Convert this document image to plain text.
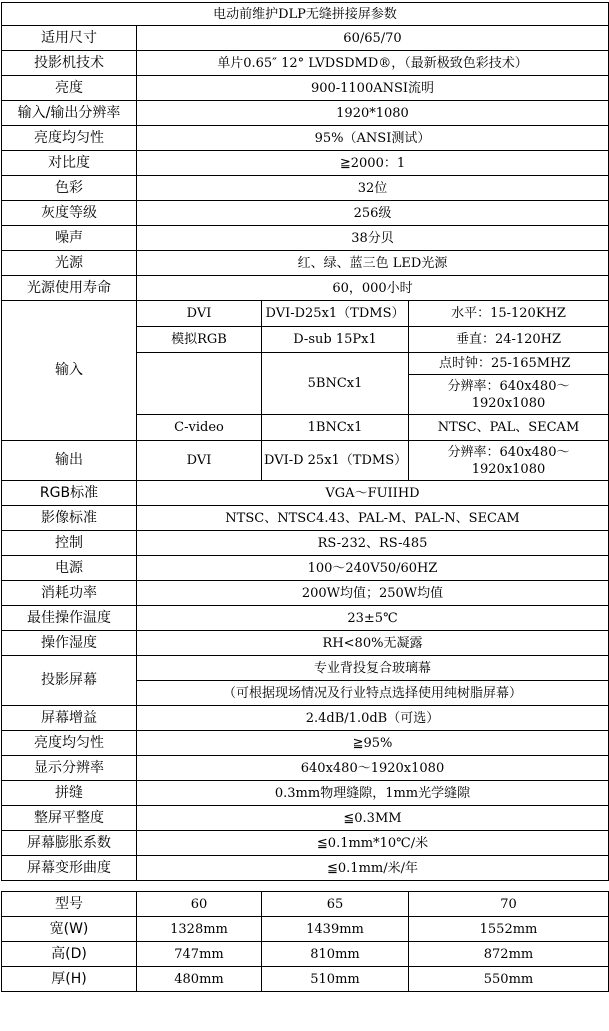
电动前维护DLP无缝拼接屏参数			
适用尺寸	60/65/70		
投影机技术	单片0.65″ 12° LVDSDMD®，（最新极致色彩技术）		
亮度	900-1100ANSI流明		
输入/输出分辨率	1920*1080		
亮度均匀性	95%（ANSI测试）		
对比度	≧2000：1		
色彩	32位		
灰度等级	256级		
噪声	38分贝		
光源	红、绿、蓝三色 LED光源		
光源使用寿命	60，000小时		
输入	DVI	DVI-D25x1（TDMS）	水平：15-120KHZ
	模拟RGB	D-sub 15Px1	垂直：24-120HZ
		5BNCx1	点时钟：25-165MHZ
			分辨率：640x480～1920x1080
	C-video	1BNCx1	NTSC、PAL、SECAM
输出	DVI	DVI-D 25x1（TDMS）	分辨率：640x480～1920x1080
RGB标准	VGA～FUIIHD		
影像标准	NTSC、NTSC4.43、PAL-M、PAL-N、SECAM		
控制	RS-232、RS-485		
电源	100～240V50/60HZ		
消耗功率	200W均值；250W均值		
最佳操作温度	23±5℃		
操作湿度	RH<80%无凝露		
投影屏幕	专业背投复合玻璃幕		
	（可根据现场情况及行业特点选择使用纯树脂屏幕）		
屏幕增益	2.4dB/1.0dB（可选）		
亮度均匀性	≧95%		
显示分辨率	640x480～1920x1080		
拼缝	0.3mm物理缝隙，1mm光学缝隙		
整屏平整度	≦0.3MM		
屏幕膨胀系数	≦0.1mm*10℃/米		
屏幕变形曲度	≦0.1mm/米/年		

型号	60	65	70
宽(W)	1328mm	1439mm	1552mm
高(D)	747mm	810mm	872mm
厚(H)	480mm	510mm	550mm
